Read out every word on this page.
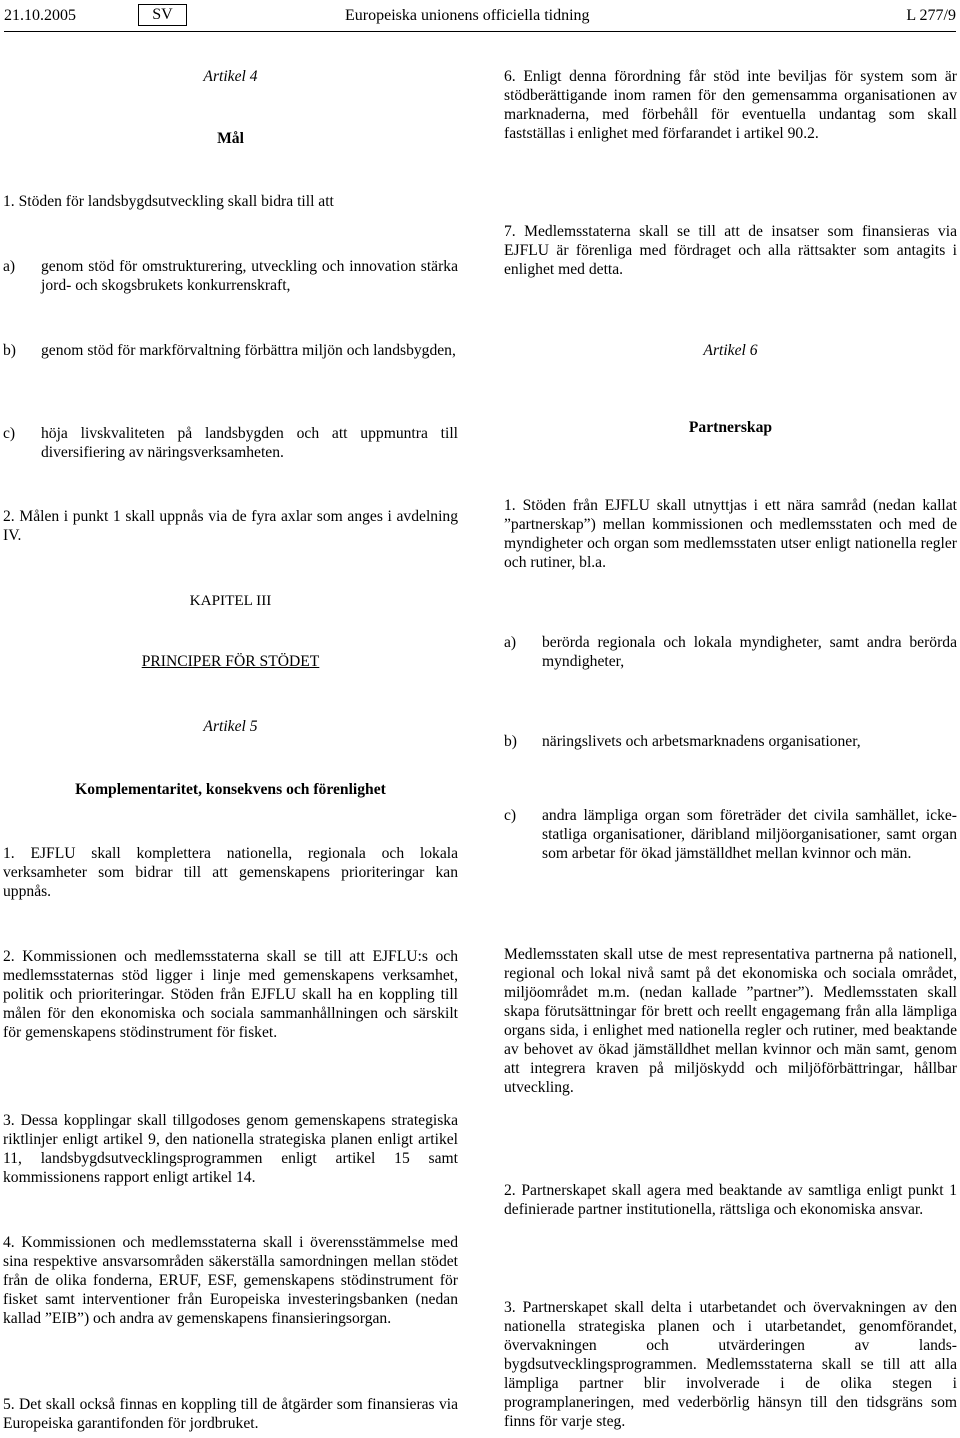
21.10.2005	SV	Europeiska unionens officiella tidning	L 277/9

Artikel 4

Mål

1. Stöden för landsbygdsutveckling skall bidra till att

a) genom stöd för omstrukturering, utveckling och innovation stärka jord- och skogsbrukets konkurrenskraft,

b) genom stöd för markförvaltning förbättra miljön och landsbygden,

c) höja livskvaliteten på landsbygden och att uppmuntra till diversifiering av näringsverksamheten.

2. Målen i punkt 1 skall uppnås via de fyra axlar som anges i avdelning IV.

KAPITEL III

PRINCIPER FÖR STÖDET

Artikel 5

Komplementaritet, konsekvens och förenlighet

1. EJFLU skall komplettera nationella, regionala och lokala verksamheter som bidrar till att gemenskapens prioriteringar kan uppnås.

2. Kommissionen och medlemsstaterna skall se till att EJFLU:s och medlemsstaternas stöd ligger i linje med gemenskapens verksamhet, politik och prioriteringar. Stöden från EJFLU skall ha en koppling till målen för den ekonomiska och sociala sammanhållningen och särskilt för gemenskapens stödinstrument för fisket.

3. Dessa kopplingar skall tillgodoses genom gemenskapens strategiska riktlinjer enligt artikel 9, den nationella strategiska planen enligt artikel 11, landsbygdsutvecklingsprogrammen enligt artikel 15 samt kommissionens rapport enligt artikel 14.

4. Kommissionen och medlemsstaterna skall i överensstämmelse med sina respektive ansvarsområden säkerställa samordningen mellan stödet från de olika fonderna, ERUF, ESF, gemenskapens stödinstrument för fisket samt interventioner från Europeiska investeringsbanken (nedan kallad ”EIB”) och andra av gemenskapens finansieringsorgan.

5. Det skall också finnas en koppling till de åtgärder som finansieras via Europeiska garantifonden för jordbruket.

6. Enligt denna förordning får stöd inte beviljas för system som är stödberättigande inom ramen för den gemensamma organisationen av marknaderna, med förbehåll för eventuella undantag som skall fastställas i enlighet med förfarandet i artikel 90.2.

7. Medlemsstaterna skall se till att de insatser som finansieras via EJFLU är förenliga med fördraget och alla rättsakter som antagits i enlighet med detta.

Artikel 6

Partnerskap

1. Stöden från EJFLU skall utnyttjas i ett nära samråd (nedan kallat ”partnerskap”) mellan kommissionen och medlemsstaten och med de myndigheter och organ som medlemsstaten utser enligt nationella regler och rutiner, bl.a.

a) berörda regionala och lokala myndigheter, samt andra berörda myndigheter,

b) näringslivets och arbetsmarknadens organisationer,

c) andra lämpliga organ som företräder det civila samhället, icke-statliga organisationer, däribland miljöorganisationer, samt organ som arbetar för ökad jämställdhet mellan kvinnor och män.

Medlemsstaten skall utse de mest representativa partnerna på nationell, regional och lokal nivå samt på det ekonomiska och sociala området, miljöområdet m.m. (nedan kallade ”partner”). Medlemsstaten skall skapa förutsättningar för brett och reellt engagemang från alla lämpliga organs sida, i enlighet med nationella regler och rutiner, med beaktande av behovet av ökad jämställdhet mellan kvinnor och män samt, genom att integrera kraven på miljöskydd och miljöförbättringar, hållbar utveckling.

2. Partnerskapet skall agera med beaktande av samtliga enligt punkt 1 definierade partner institutionella, rättsliga och ekonomiska ansvar.

3. Partnerskapet skall delta i utarbetandet och övervakningen av den nationella strategiska planen och i utarbetandet, genomförandet, övervakningen och utvärderingen av landsbygdsutvecklingsprogrammen. Medlemsstaterna skall se till att alla lämpliga partner blir involverade i de olika stegen i programplaneringen, med vederbörlig hänsyn till den tidsgräns som finns för varje steg.
